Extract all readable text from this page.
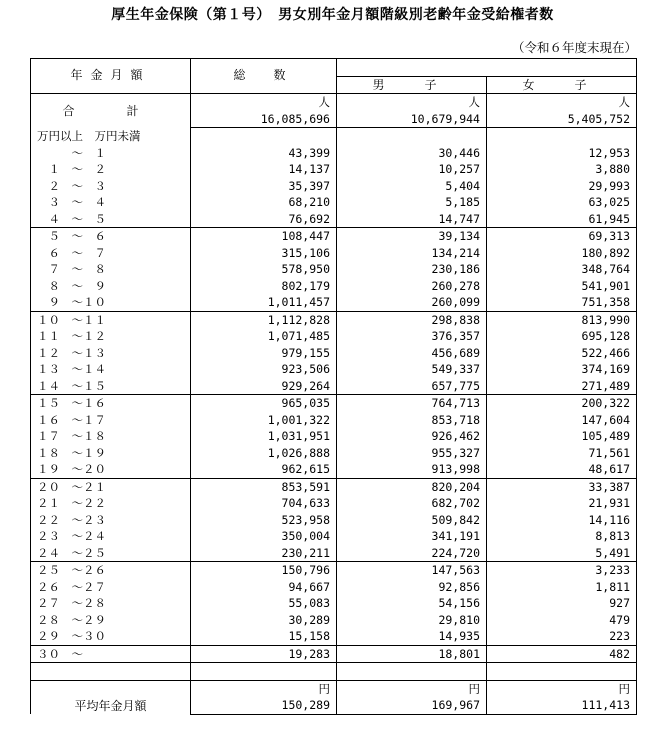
厚生年金保険（第１号）　男女別年金月額階級別老齢年金受給権者数
（令和６年度末現在）
年金月額	総　数		
		男　子	女　子
合　計	人	人	人
	16,085,696	10,679,944	5,405,752
万円以上　万円未満			
　　　～　１	43,399	30,446	12,953
　１　～　２	14,137	10,257	3,880
　２　～　３	35,397	5,404	29,993
　３　～　４	68,210	5,185	63,025
　４　～　５	76,692	14,747	61,945
　５　～　６	108,447	39,134	69,313
　６　～　７	315,106	134,214	180,892
　７　～　８	578,950	230,186	348,764
　８　～　９	802,179	260,278	541,901
　９　～１０	1,011,457	260,099	751,358
１０　～１１	1,112,828	298,838	813,990
１１　～１２	1,071,485	376,357	695,128
１２　～１３	979,155	456,689	522,466
１３　～１４	923,506	549,337	374,169
１４　～１５	929,264	657,775	271,489
１５　～１６	965,035	764,713	200,322
１６　～１７	1,001,322	853,718	147,604
１７　～１８	1,031,951	926,462	105,489
１８　～１９	1,026,888	955,327	71,561
１９　～２０	962,615	913,998	48,617
２０　～２１	853,591	820,204	33,387
２１　～２２	704,633	682,702	21,931
２２　～２３	523,958	509,842	14,116
２３　～２４	350,004	341,191	8,813
２４　～２５	230,211	224,720	5,491
２５　～２６	150,796	147,563	3,233
２６　～２７	94,667	92,856	1,811
２７　～２８	55,083	54,156	927
２８　～２９	30,289	29,810	479
２９　～３０	15,158	14,935	223
３０　～	19,283	18,801	482

平均年金月額	円	円	円
	150,289	169,967	111,413
